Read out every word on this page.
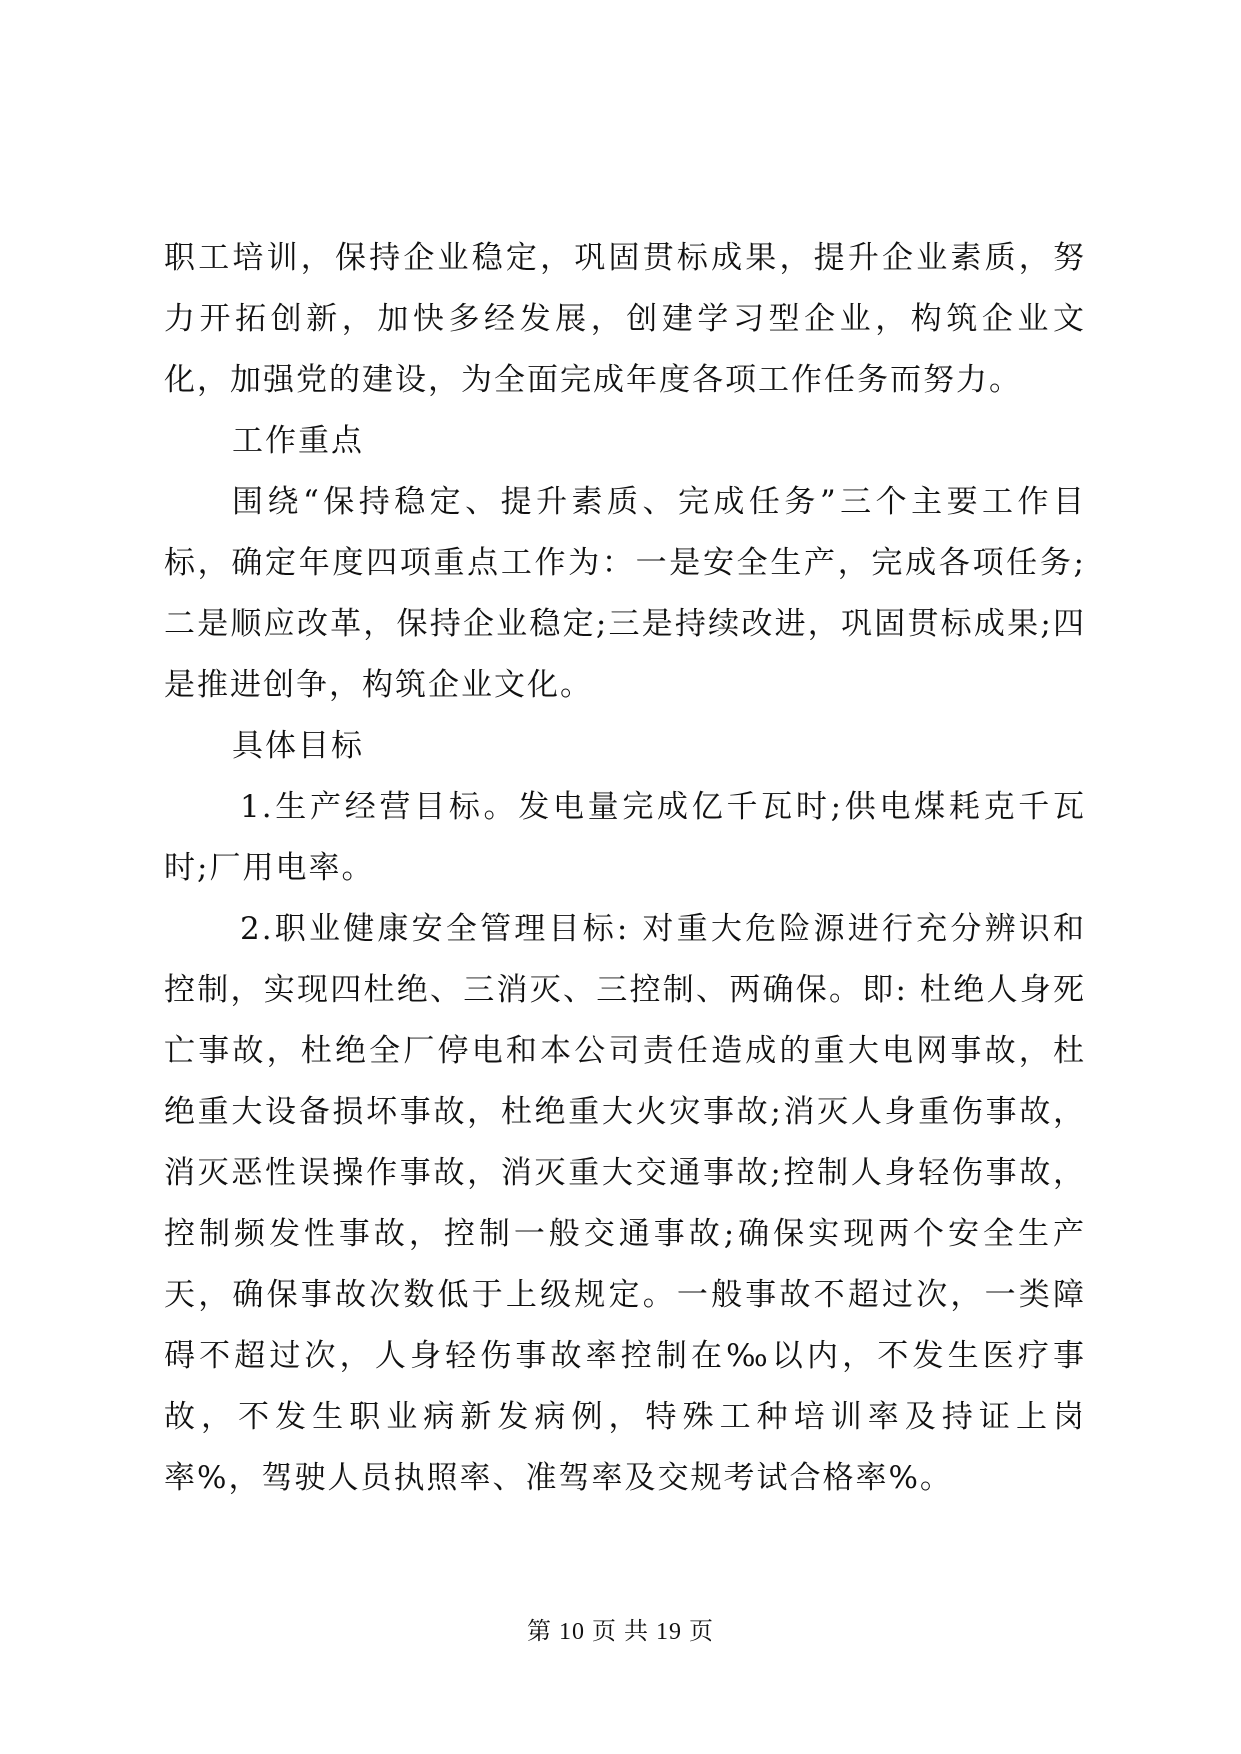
职工培训，保持企业稳定，巩固贯标成果，提升企业素质，努力开拓创新，加快多经发展，创建学习型企业，构筑企业文化，加强党的建设，为全面完成年度各项工作任务而努力。

工作重点

围绕“保持稳定、提升素质、完成任务”三个主要工作目标，确定年度四项重点工作为：一是安全生产，完成各项任务;二是顺应改革，保持企业稳定;三是持续改进，巩固贯标成果;四是推进创争，构筑企业文化。

具体目标

1.生产经营目标。发电量完成亿千瓦时;供电煤耗克千瓦时;厂用电率。

2.职业健康安全管理目标: 对重大危险源进行充分辨识和控制，实现四杜绝、三消灭、三控制、两确保。即: 杜绝人身死亡事故，杜绝全厂停电和本公司责任造成的重大电网事故，杜绝重大设备损坏事故，杜绝重大火灾事故;消灭人身重伤事故，消灭恶性误操作事故，消灭重大交通事故;控制人身轻伤事故，控制频发性事故，控制一般交通事故;确保实现两个安全生产天，确保事故次数低于上级规定。一般事故不超过次，一类障碍不超过次，人身轻伤事故率控制在‰以内，不发生医疗事故，不发生职业病新发病例，特殊工种培训率及持证上岗率%，驾驶人员执照率、准驾率及交规考试合格率%。

第 10 页 共 19 页
